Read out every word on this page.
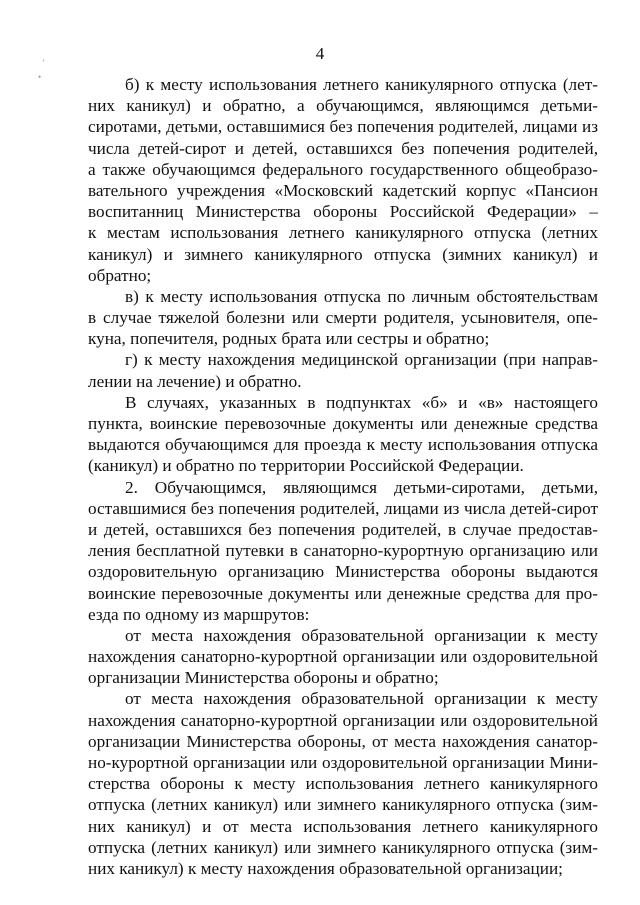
4
’
•	б) к месту использования летнего каникулярного отпуска (лет-
них каникул) и обратно, а обучающимся, являющимся детьми-
сиротами, детьми, оставшимися без попечения родителей, лицами из
числа детей-сирот и детей, оставшихся без попечения родителей,
а также обучающимся федерального государственного общеобразо-
вательного учреждения «Московский кадетский корпус «Пансион
воспитанниц Министерства обороны Российской Федерации» –
к местам использования летнего каникулярного отпуска (летних
каникул) и зимнего каникулярного отпуска (зимних каникул) и
обратно;
в) к месту использования отпуска по личным обстоятельствам
в случае тяжелой болезни или смерти родителя, усыновителя, опе-
куна, попечителя, родных брата или сестры и обратно;
г) к месту нахождения медицинской организации (при направ-
лении на лечение) и обратно.
В случаях, указанных в подпунктах «б» и «в» настоящего
пункта, воинские перевозочные документы или денежные средства
выдаются обучающимся для проезда к месту использования отпуска
(каникул) и обратно по территории Российской Федерации.
2. Обучающимся, являющимся детьми-сиротами, детьми,
оставшимися без попечения родителей, лицами из числа детей-сирот
и детей, оставшихся без попечения родителей, в случае предостав-
ления бесплатной путевки в санаторно-курортную организацию или
оздоровительную организацию Министерства обороны выдаются
воинские перевозочные документы или денежные средства для про-
езда по одному из маршрутов:
от места нахождения образовательной организации к месту
нахождения санаторно-курортной организации или оздоровительной
организации Министерства обороны и обратно;
от места нахождения образовательной организации к месту
нахождения санаторно-курортной организации или оздоровительной
организации Министерства обороны, от места нахождения санатор-
но-курортной организации или оздоровительной организации Мини-
стерства обороны к месту использования летнего каникулярного
отпуска (летних каникул) или зимнего каникулярного отпуска (зим-
них каникул) и от места использования летнего каникулярного
отпуска (летних каникул) или зимнего каникулярного отпуска (зим-
них каникул) к месту нахождения образовательной организации;
